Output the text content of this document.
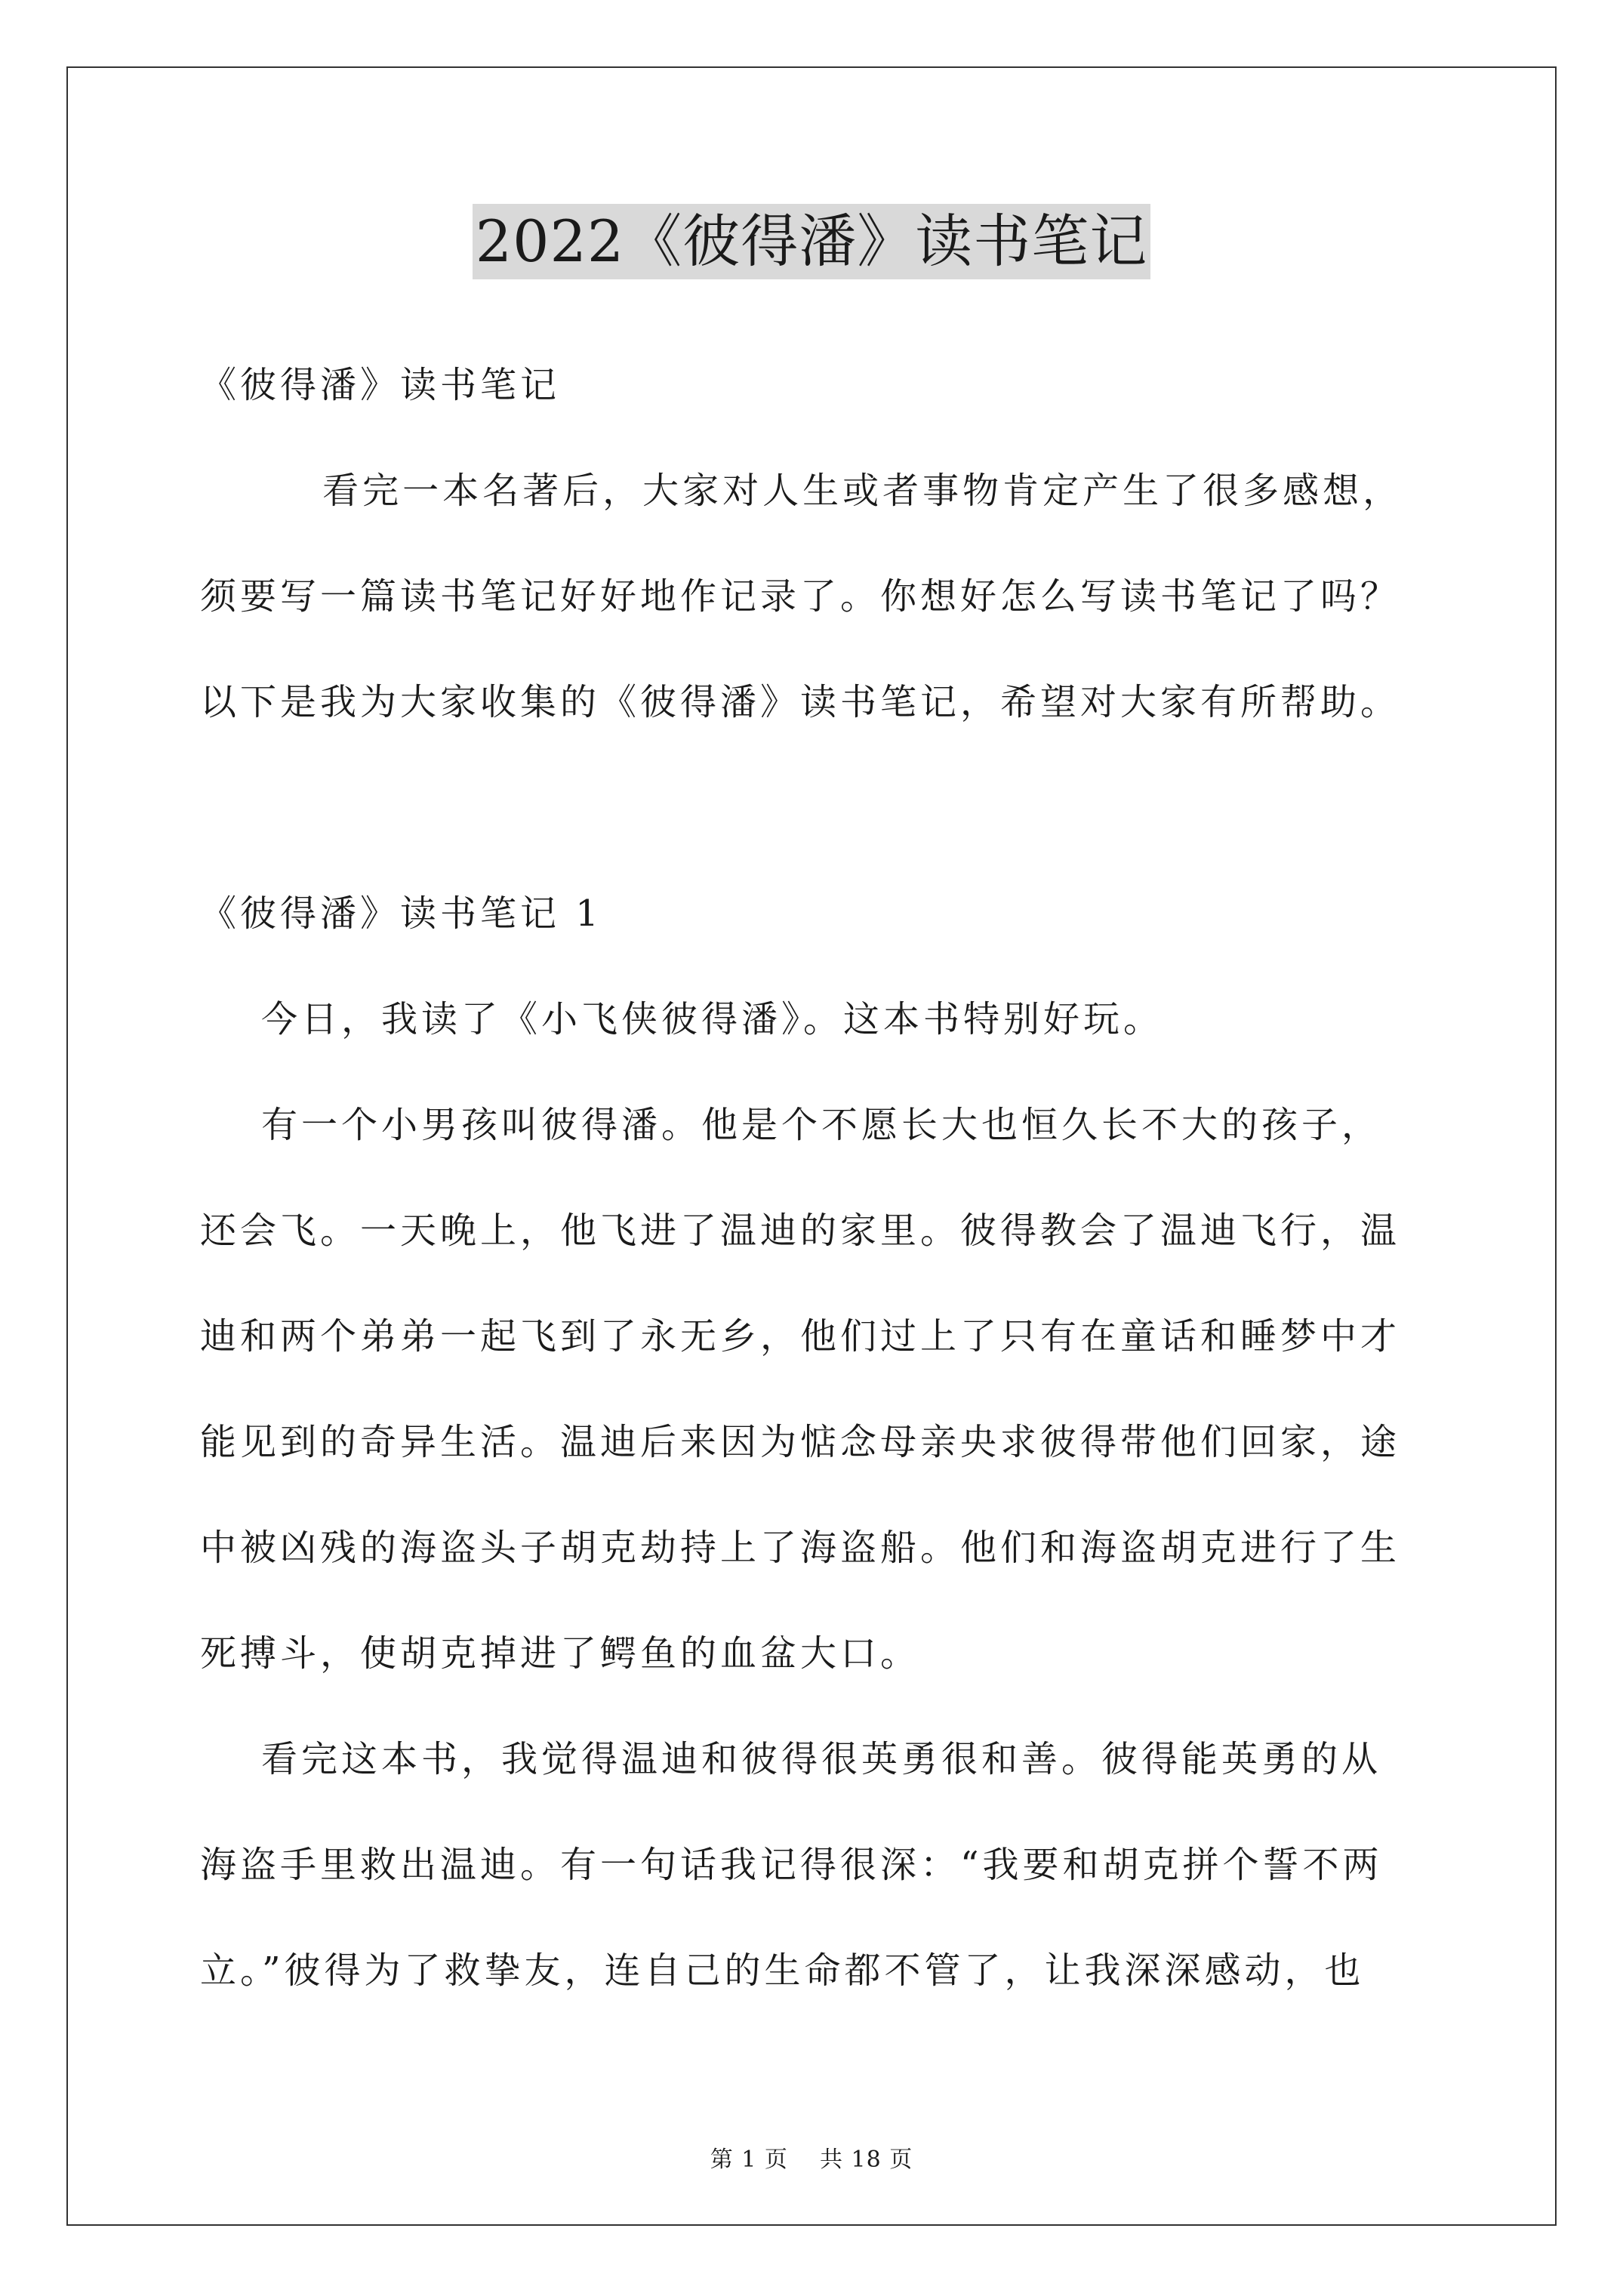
2022《彼得潘》读书笔记
《彼得潘》读书笔记
看完一本名著后，大家对人生或者事物肯定产生了很多感想，
须要写一篇读书笔记好好地作记录了。你想好怎么写读书笔记了吗？
以下是我为大家收集的《彼得潘》读书笔记，希望对大家有所帮助。
《彼得潘》读书笔记 1
今日，我读了《小飞侠彼得潘》。这本书特别好玩。
有一个小男孩叫彼得潘。他是个不愿长大也恒久长不大的孩子，
还会飞。一天晚上，他飞进了温迪的家里。彼得教会了温迪飞行，温
迪和两个弟弟一起飞到了永无乡，他们过上了只有在童话和睡梦中才
能见到的奇异生活。温迪后来因为惦念母亲央求彼得带他们回家，途
中被凶残的海盗头子胡克劫持上了海盗船。他们和海盗胡克进行了生
死搏斗，使胡克掉进了鳄鱼的血盆大口。
看完这本书，我觉得温迪和彼得很英勇很和善。彼得能英勇的从
海盗手里救出温迪。有一句话我记得很深：“我要和胡克拼个誓不两
立。”彼得为了救挚友，连自己的生命都不管了，让我深深感动，也
第 1 页    共 18 页
